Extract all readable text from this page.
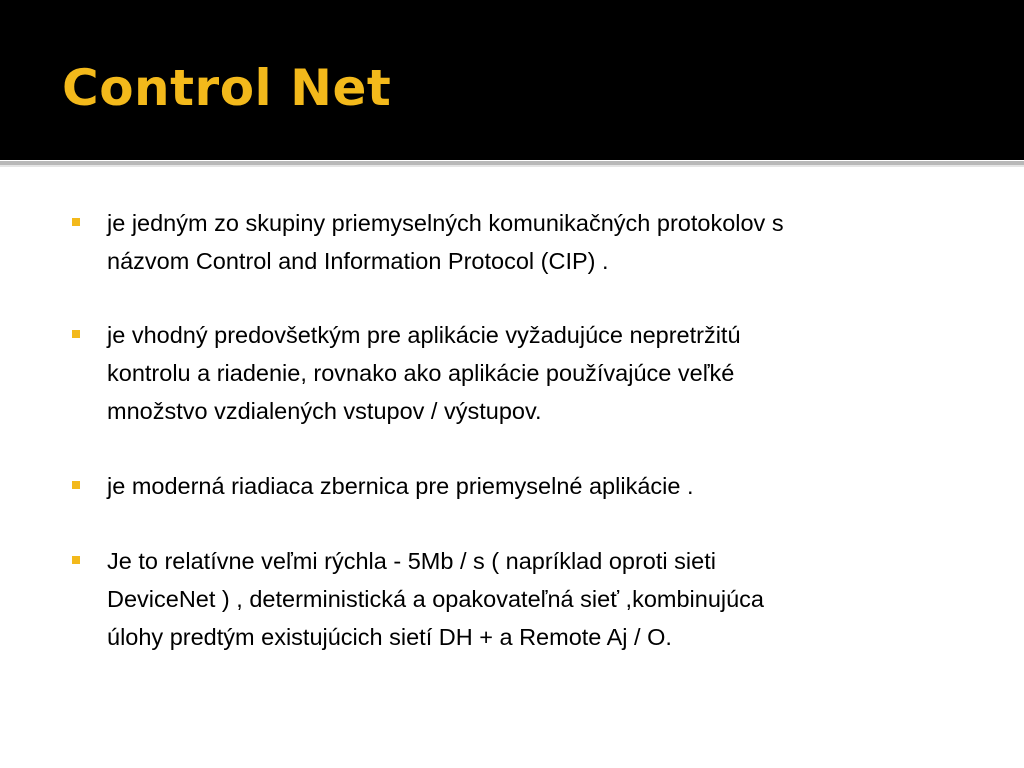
Control Net
je jedným zo skupiny priemyselných komunikačných protokolov s
názvom Control and Information Protocol (CIP) .
je vhodný predovšetkým pre aplikácie vyžadujúce nepretržitú
kontrolu a riadenie, rovnako ako aplikácie používajúce veľké
množstvo vzdialených vstupov / výstupov.
je moderná riadiaca zbernica pre priemyselné aplikácie .
Je to relatívne veľmi rýchla - 5Mb / s ( napríklad oproti sieti
DeviceNet ) , deterministická a opakovateľná sieť ,kombinujúca
úlohy predtým existujúcich sietí DH + a Remote Aj / O.
